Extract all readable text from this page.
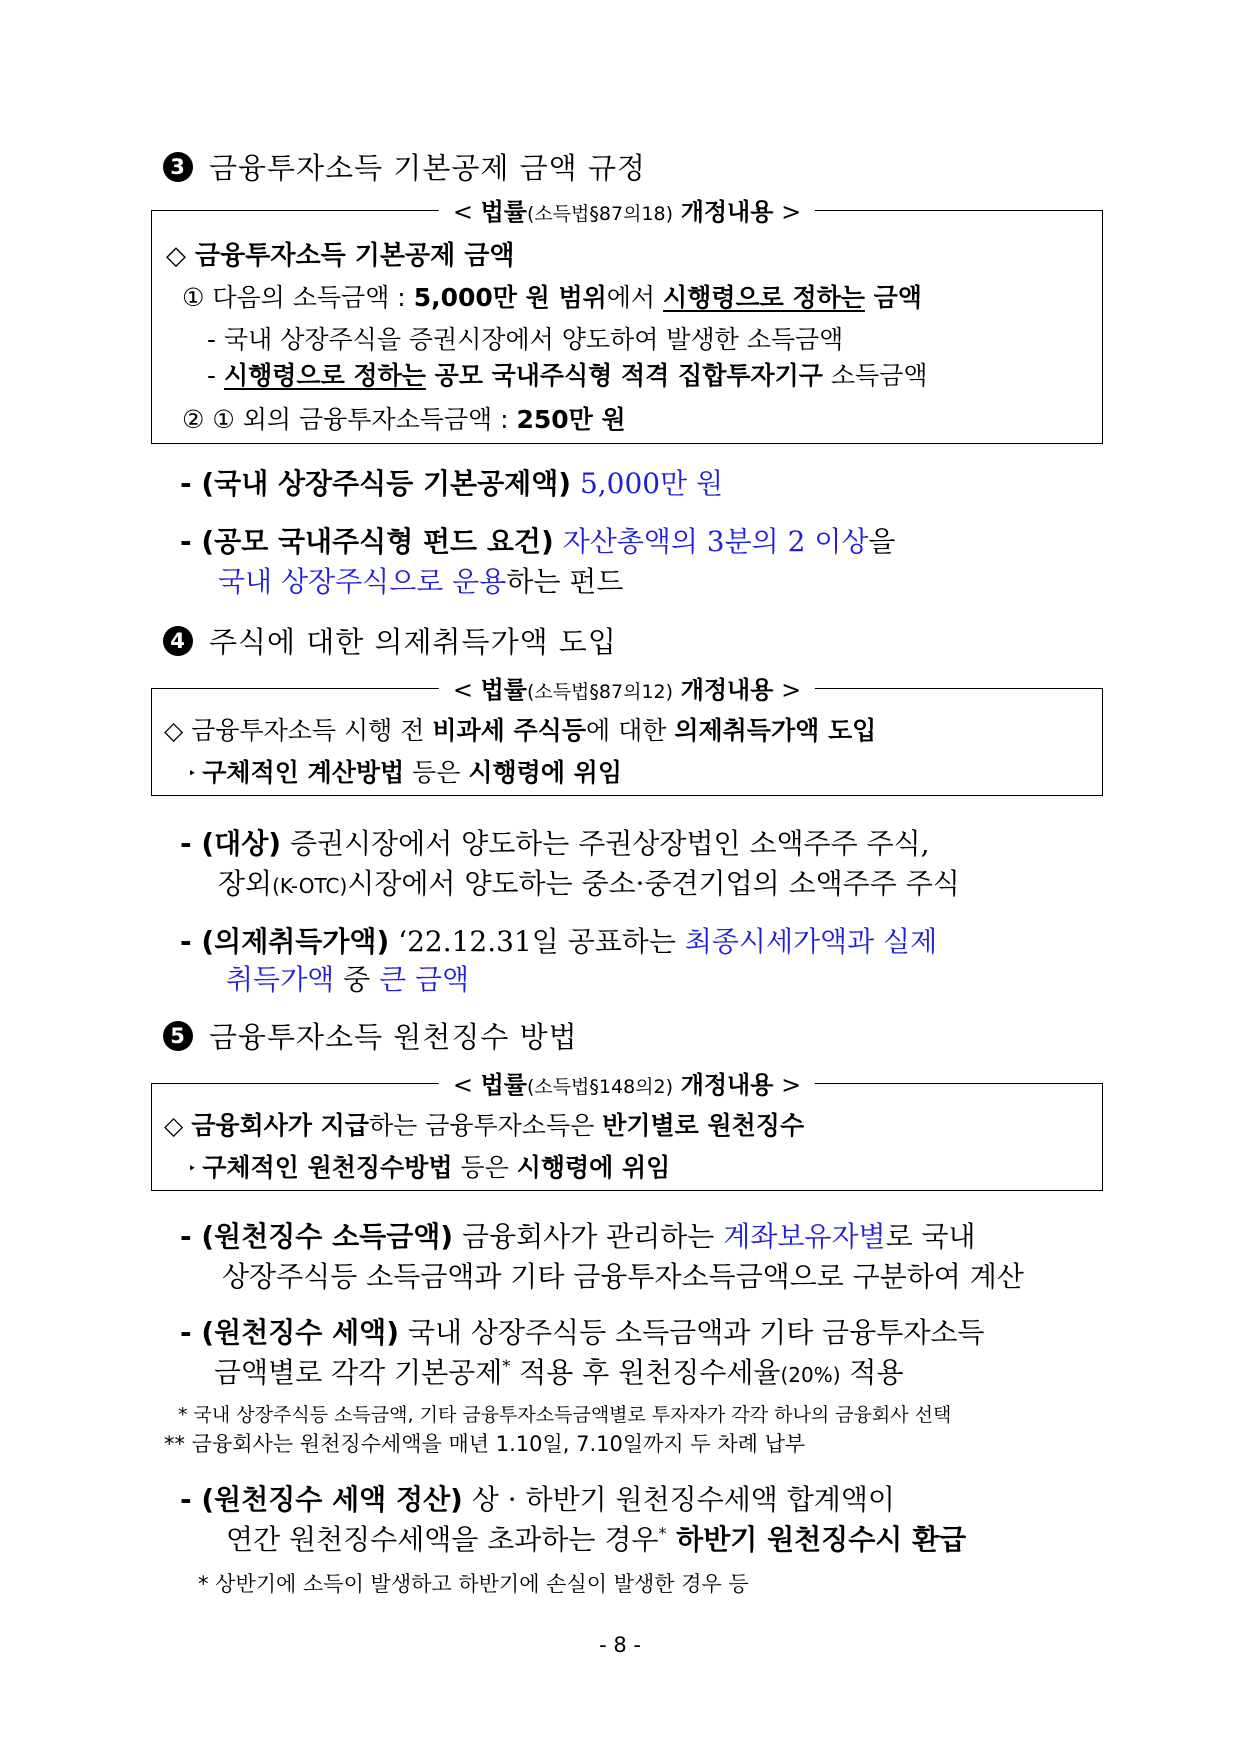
3 금융투자소득 기본공제 금액 규정
< 법률(소득법§87의18) 개정내용 >
◇ 금융투자소득 기본공제 금액
① 다음의 소득금액 : 5,000만 원 범위에서 시행령으로 정하는 금액
- 국내 상장주식을 증권시장에서 양도하여 발생한 소득금액
- 시행령으로 정하는 공모 국내주식형 적격 집합투자기구 소득금액
② ① 외의 금융투자소득금액 : 250만 원
- (국내 상장주식등 기본공제액) 5,000만 원
- (공모 국내주식형 펀드 요건) 자산총액의 3분의 2 이상을
국내 상장주식으로 운용하는 펀드
4 주식에 대한 의제취득가액 도입
< 법률(소득법§87의12) 개정내용 >
◇ 금융투자소득 시행 전 비과세 주식등에 대한 의제취득가액 도입
‣ 구체적인 계산방법 등은 시행령에 위임
- (대상) 증권시장에서 양도하는 주권상장법인 소액주주 주식,
장외(K-OTC)시장에서 양도하는 중소·중견기업의 소액주주 주식
- (의제취득가액) ‘22.12.31일 공표하는 최종시세가액과 실제
취득가액 중 큰 금액
5 금융투자소득 원천징수 방법
< 법률(소득법§148의2) 개정내용 >
◇ 금융회사가 지급하는 금융투자소득은 반기별로 원천징수
‣ 구체적인 원천징수방법 등은 시행령에 위임
- (원천징수 소득금액) 금융회사가 관리하는 계좌보유자별로 국내
상장주식등 소득금액과 기타 금융투자소득금액으로 구분하여 계산
- (원천징수 세액) 국내 상장주식등 소득금액과 기타 금융투자소득
금액별로 각각 기본공제* 적용 후 원천징수세율(20%) 적용
* 국내 상장주식등 소득금액, 기타 금융투자소득금액별로 투자자가 각각 하나의 금융회사 선택
** 금융회사는 원천징수세액을 매년 1.10일, 7.10일까지 두 차례 납부
- (원천징수 세액 정산) 상 · 하반기 원천징수세액 합계액이
연간 원천징수세액을 초과하는 경우* 하반기 원천징수시 환급
* 상반기에 소득이 발생하고 하반기에 손실이 발생한 경우 등
- 8 -
